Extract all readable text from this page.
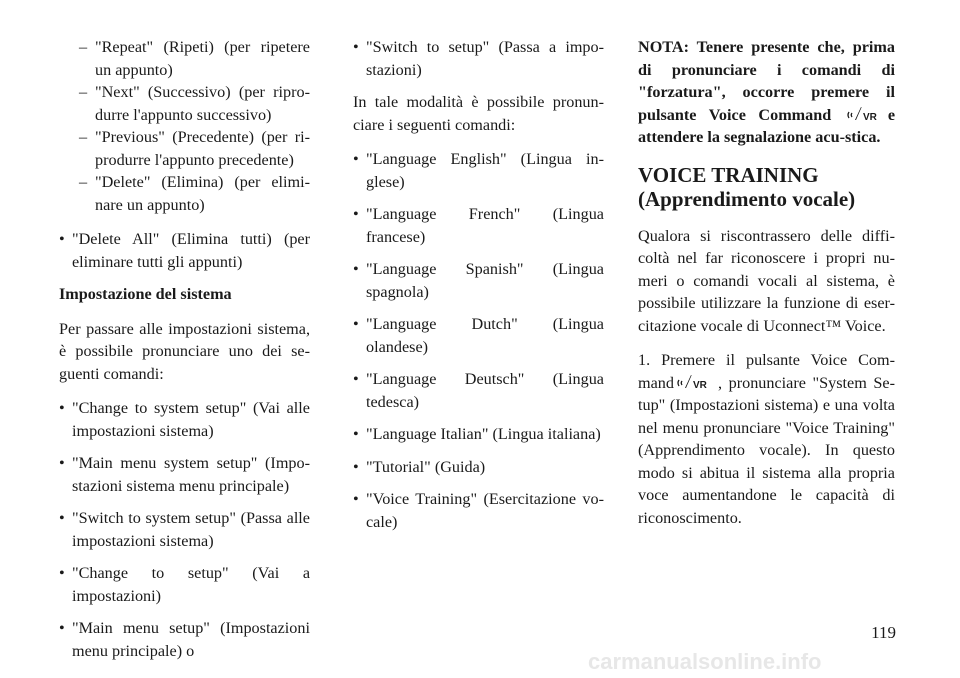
– "Repeat" (Ripeti) (per ripetere un appunto)
– "Next" (Successivo) (per ripro-durre l'appunto successivo)
– "Previous" (Precedente) (per ri-produrre l'appunto precedente)
– "Delete" (Elimina) (per elimi-nare un appunto)
• "Delete All" (Elimina tutti) (per eliminare tutti gli appunti)

Impostazione del sistema

Per passare alle impostazioni sistema, è possibile pronunciare uno dei se-guenti comandi:

• "Change to system setup" (Vai alle impostazioni sistema)
• "Main menu system setup" (Impo-stazioni sistema menu principale)
• "Switch to system setup" (Passa alle impostazioni sistema)
• "Change to setup" (Vai a impostazioni)
• "Main menu setup" (Impostazioni menu principale) o
• "Switch to setup" (Passa a impo-stazioni)

In tale modalità è possibile pronun-ciare i seguenti comandi:

• "Language English" (Lingua in-glese)
• "Language French" (Lingua francese)
• "Language Spanish" (Lingua spagnola)
• "Language Dutch" (Lingua olandese)
• "Language Deutsch" (Lingua tedesca)
• "Language Italian" (Lingua italiana)
• "Tutorial" (Guida)
• "Voice Training" (Esercitazione vo-cale)

NOTA: Tenere presente che, prima di pronunciare i comandi di "forzatura", occorre premere il pulsante Voice Command	VR e attendere la segnalazione acu-stica.

VOICE TRAINING
(Apprendimento vocale)

Qualora si riscontrassero delle diffi-coltà nel far riconoscere i propri nu-meri o comandi vocali al sistema, è possibile utilizzare la funzione di eser-citazione vocale di Uconnect™ Voice.

1. Premere il pulsante Voice Com-mand VR , pronunciare "System Se-tup" (Impostazioni sistema) e una volta nel menu pronunciare "Voice Training" (Apprendimento vocale). In questo modo si abitua il sistema alla propria voce aumentandone le capacità di riconoscimento.

119
carmanualsonline.info
